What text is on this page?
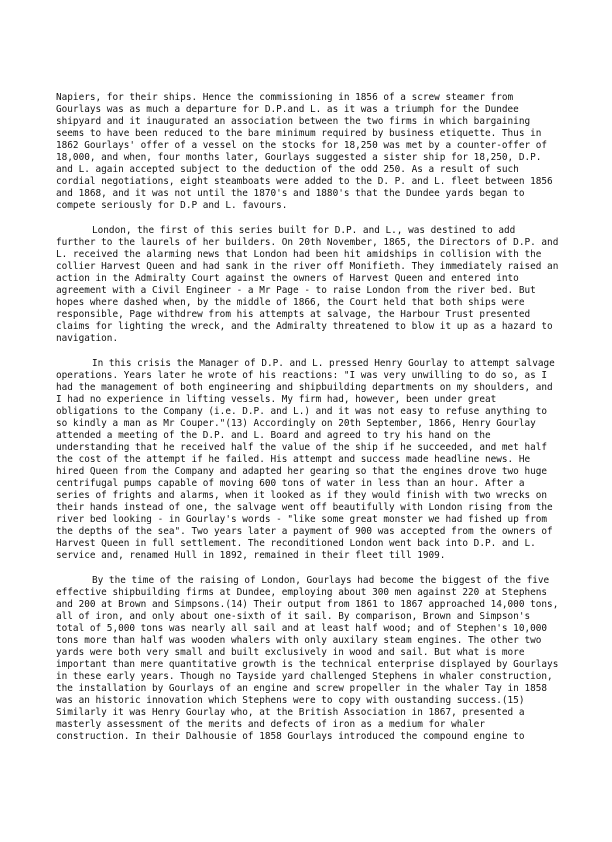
Napiers, for their ships. Hence the commissioning in 1856 of a screw steamer from Gourlays was as much a departure for D.P.and L. as it was a triumph for the Dundee shipyard and it inaugurated an association between the two firms in which bargaining seems to have been reduced to the bare minimum required by business etiquette. Thus in 1862 Gourlays' offer of a vessel on the stocks for 18,250 was met by a counter-offer of 18,000, and when, four months later, Gourlays suggested a sister ship for 18,250, D.P. and L. again accepted subject to the deduction of the odd 250. As a result of such cordial negotiations, eight steamboats were added to the D. P. and L. fleet between 1856 and 1868, and it was not until the 1870's and 1880's that the Dundee yards began to compete seriously for D.P and L. favours.

London, the first of this series built for D.P. and L., was destined to add further to the laurels of her builders. On 20th November, 1865, the Directors of D.P. and L. received the alarming news that London had been hit amidships in collision with the collier Harvest Queen and had sank in the river off Monifieth. They immediately raised an action in the Admiralty Court against the owners of Harvest Queen and entered into agreement with a Civil Engineer - a Mr Page - to raise London from the river bed. But hopes where dashed when, by the middle of 1866, the Court held that both ships were responsible, Page withdrew from his attempts at salvage, the Harbour Trust presented claims for lighting the wreck, and the Admiralty threatened to blow it up as a hazard to navigation.

In this crisis the Manager of D.P. and L. pressed Henry Gourlay to attempt salvage operations. Years later he wrote of his reactions: "I was very unwilling to do so, as I had the management of both engineering and shipbuilding departments on my shoulders, and I had no experience in lifting vessels. My firm had, however, been under great obligations to the Company (i.e. D.P. and L.) and it was not easy to refuse anything to so kindly a man as Mr Couper."(13) Accordingly on 20th September, 1866, Henry Gourlay attended a meeting of the D.P. and L. Board and agreed to try his hand on the understanding that he received half the value of the ship if he succeeded, and met half the cost of the attempt if he failed. His attempt and success made headline news. He hired Queen from the Company and adapted her gearing so that the engines drove two huge centrifugal pumps capable of moving 600 tons of water in less than an hour. After a series of frights and alarms, when it looked as if they would finish with two wrecks on their hands instead of one, the salvage went off beautifully with London rising from the river bed looking - in Gourlay's words - "like some great monster we had fished up from the depths of the sea". Two years later a payment of 900 was accepted from the owners of Harvest Queen in full settlement. The reconditioned London went back into D.P. and L. service and, renamed Hull in 1892, remained in their fleet till 1909.

By the time of the raising of London, Gourlays had become the biggest of the five effective shipbuilding firms at Dundee, employing about 300 men against 220 at Stephens and 200 at Brown and Simpsons.(14) Their output from 1861 to 1867 approached 14,000 tons, all of iron, and only about one-sixth of it sail. By comparison, Brown and Simpson's total of 5,000 tons was nearly all sail and at least half wood; and of Stephen's 10,000 tons more than half was wooden whalers with only auxilary steam engines. The other two yards were both very small and built exclusively in wood and sail. But what is more important than mere quantitative growth is the technical enterprise displayed by Gourlays in these early years. Though no Tayside yard challenged Stephens in whaler construction, the installation by Gourlays of an engine and screw propeller in the whaler Tay in 1858 was an historic innovation which Stephens were to copy with oustanding success.(15) Similarly it was Henry Gourlay who, at the British Association in 1867, presented a masterly assessment of the merits and defects of iron as a medium for whaler construction. In their Dalhousie of 1858 Gourlays introduced the compound engine to
